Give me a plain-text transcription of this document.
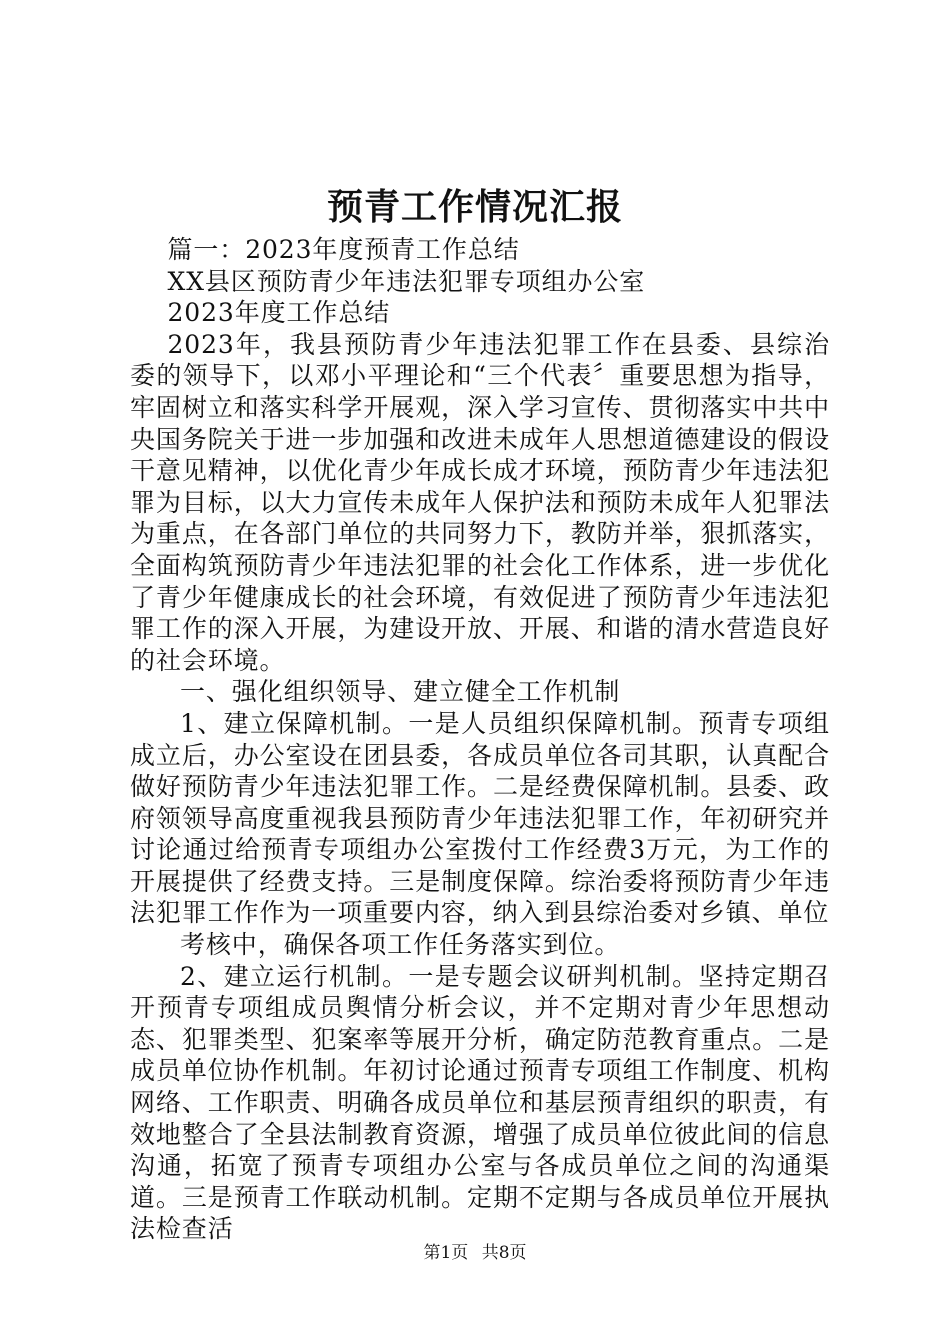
预青工作情况汇报

篇一：2023年度预青工作总结

XX县区预防青少年违法犯罪专项组办公室

2023年度工作总结

2023年，我县预防青少年违法犯罪工作在县委、县综治委的领导下，以邓小平理论和“三个代表〞重要思想为指导，牢固树立和落实科学开展观，深入学习宣传、贯彻落实中共中央国务院关于进一步加强和改进未成年人思想道德建设的假设干意见精神，以优化青少年成长成才环境，预防青少年违法犯罪为目标，以大力宣传未成年人保护法和预防未成年人犯罪法为重点，在各部门单位的共同努力下，教防并举，狠抓落实，全面构筑预防青少年违法犯罪的社会化工作体系，进一步优化了青少年健康成长的社会环境，有效促进了预防青少年违法犯罪工作的深入开展，为建设开放、开展、和谐的清水营造良好的社会环境。

一、强化组织领导、建立健全工作机制

1、建立保障机制。一是人员组织保障机制。预青专项组成立后，办公室设在团县委，各成员单位各司其职，认真配合做好预防青少年违法犯罪工作。二是经费保障机制。县委、政府领领导高度重视我县预防青少年违法犯罪工作，年初研究并讨论通过给预青专项组办公室拨付工作经费3万元，为工作的开展提供了经费支持。三是制度保障。综治委将预防青少年违法犯罪工作作为一项重要内容，纳入到县综治委对乡镇、单位

考核中，确保各项工作任务落实到位。

2、建立运行机制。一是专题会议研判机制。坚持定期召开预青专项组成员舆情分析会议，并不定期对青少年思想动态、犯罪类型、犯案率等展开分析，确定防范教育重点。二是成员单位协作机制。年初讨论通过预青专项组工作制度、机构网络、工作职责、明确各成员单位和基层预青组织的职责，有效地整合了全县法制教育资源，增强了成员单位彼此间的信息沟通，拓宽了预青专项组办公室与各成员单位之间的沟通渠道。三是预青工作联动机制。定期不定期与各成员单位开展执法检查活

第1页 共8页
